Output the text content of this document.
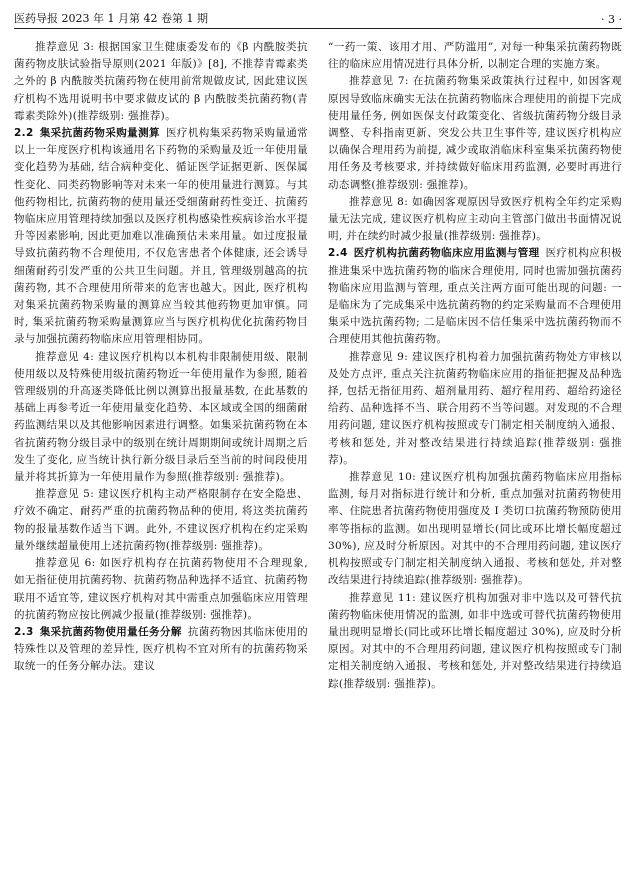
医药导报 2023 年 1 月第 42 卷第 1 期	· 3 ·

推荐意见 3: 根据国家卫生健康委发布的《β 内酰胺类抗菌药物皮肤试验指导原则(2021 年版)》[8], 不推荐青霉素类之外的 β 内酰胺类抗菌药物在使用前常规做皮试, 因此建议医疗机构不选用说明书中要求做皮试的 β 内酰胺类抗菌药物(青霉素类除外)(推荐级别: 强推荐)。

2.2 集采抗菌药物采购量测算 医疗机构集采药物采购量通常以上一年度医疗机构该通用名下药物的采购量及近一年使用量变化趋势为基础, 结合病种变化、循证医学证据更新、医保属性变化、同类药物影响等对未来一年的使用量进行测算。与其他药物相比, 抗菌药物的使用量还受细菌耐药性变迁、抗菌药物临床应用管理持续加强以及医疗机构感染性疾病诊治水平提升等因素影响, 因此更加难以准确预估未来用量。如过度报量导致抗菌药物不合理使用, 不仅危害患者个体健康, 还会诱导细菌耐药引发严重的公共卫生问题。并且, 管理级别越高的抗菌药物, 其不合理使用所带来的危害也越大。因此, 医疗机构对集采抗菌药物采购量的测算应当较其他药物更加审慎。同时, 集采抗菌药物采购量测算应当与医疗机构优化抗菌药物目录与加强抗菌药物临床应用管理相协同。

推荐意见 4: 建议医疗机构以本机构非限制使用级、限制使用级以及特殊使用级抗菌药物近一年使用量作为参照, 随着管理级别的升高逐类降低比例以测算出报量基数, 在此基数的基础上再参考近一年使用量变化趋势、本区域或全国的细菌耐药监测结果以及其他影响因素进行调整。如集采抗菌药物在本省抗菌药物分级目录中的级别在统计周期期间或统计周期之后发生了变化, 应当统计执行新分级目录后至当前的时间段使用量并将其折算为一年使用量作为参照(推荐级别: 强推荐)。

推荐意见 5: 建议医疗机构主动严格限制存在安全隐患、疗效不确定、耐药严重的抗菌药物品种的使用, 将这类抗菌药物的报量基数作适当下调。此外, 不建议医疗机构在约定采购量外继续超量使用上述抗菌药物(推荐级别: 强推荐)。

推荐意见 6: 如医疗机构存在抗菌药物使用不合理现象, 如无指征使用抗菌药物、抗菌药物品种选择不适宜、抗菌药物联用不适宜等, 建议医疗机构对其中需重点加强临床应用管理的抗菌药物应按比例减少报量(推荐级别: 强推荐)。

2.3 集采抗菌药物使用量任务分解 抗菌药物因其临床使用的特殊性以及管理的差异性, 医疗机构不宜对所有的抗菌药物采取统一的任务分解办法。建议

“一药一策、该用才用、严防滥用”, 对每一种集采抗菌药物既往的临床应用情况进行具体分析, 以制定合理的实施方案。

推荐意见 7: 在抗菌药物集采政策执行过程中, 如因客观原因导致临床确实无法在抗菌药物临床合理使用的前提下完成使用量任务, 例如医保支付政策变化、省级抗菌药物分级目录调整、专科指南更新、突发公共卫生事件等, 建议医疗机构应以确保合理用药为前提, 减少或取消临床科室集采抗菌药物使用任务及考核要求, 并持续做好临床用药监测, 必要时再进行动态调整(推荐级别: 强推荐)。

推荐意见 8: 如确因客观原因导致医疗机构全年约定采购量无法完成, 建议医疗机构应主动向主管部门做出书面情况说明, 并在续约时减少报量(推荐级别: 强推荐)。

2.4 医疗机构抗菌药物临床应用监测与管理 医疗机构应积极推进集采中选抗菌药物的临床合理使用, 同时也需加强抗菌药物临床应用监测与管理, 重点关注两方面可能出现的问题: 一是临床为了完成集采中选抗菌药物的约定采购量而不合理使用集采中选抗菌药物; 二是临床因不信任集采中选抗菌药物而不合理使用其他抗菌药物。

推荐意见 9: 建议医疗机构着力加强抗菌药物处方审核以及处方点评, 重点关注抗菌药物临床应用的指征把握及品种选择, 包括无指征用药、超剂量用药、超疗程用药、超给药途径给药、品种选择不当、联合用药不当等问题。对发现的不合理用药问题, 建议医疗机构按照或专门制定相关制度纳入通报、考核和惩处, 并对整改结果进行持续追踪(推荐级别: 强推荐)。

推荐意见 10: 建议医疗机构加强抗菌药物临床应用指标监测, 每月对指标进行统计和分析, 重点加强对抗菌药物使用率、住院患者抗菌药物使用强度及 Ⅰ 类切口抗菌药物预防使用率等指标的监测。如出现明显增长(同比或环比增长幅度超过 30%), 应及时分析原因。对其中的不合理用药问题, 建议医疗机构按照或专门制定相关制度纳入通报、考核和惩处, 并对整改结果进行持续追踪(推荐级别: 强推荐)。

推荐意见 11: 建议医疗机构加强对非中选以及可替代抗菌药物临床使用情况的监测, 如非中选或可替代抗菌药物使用量出现明显增长(同比或环比增长幅度超过 30%), 应及时分析原因。对其中的不合理用药问题, 建议医疗机构按照或专门制定相关制度纳入通报、考核和惩处, 并对整改结果进行持续追踪(推荐级别: 强推荐)。
